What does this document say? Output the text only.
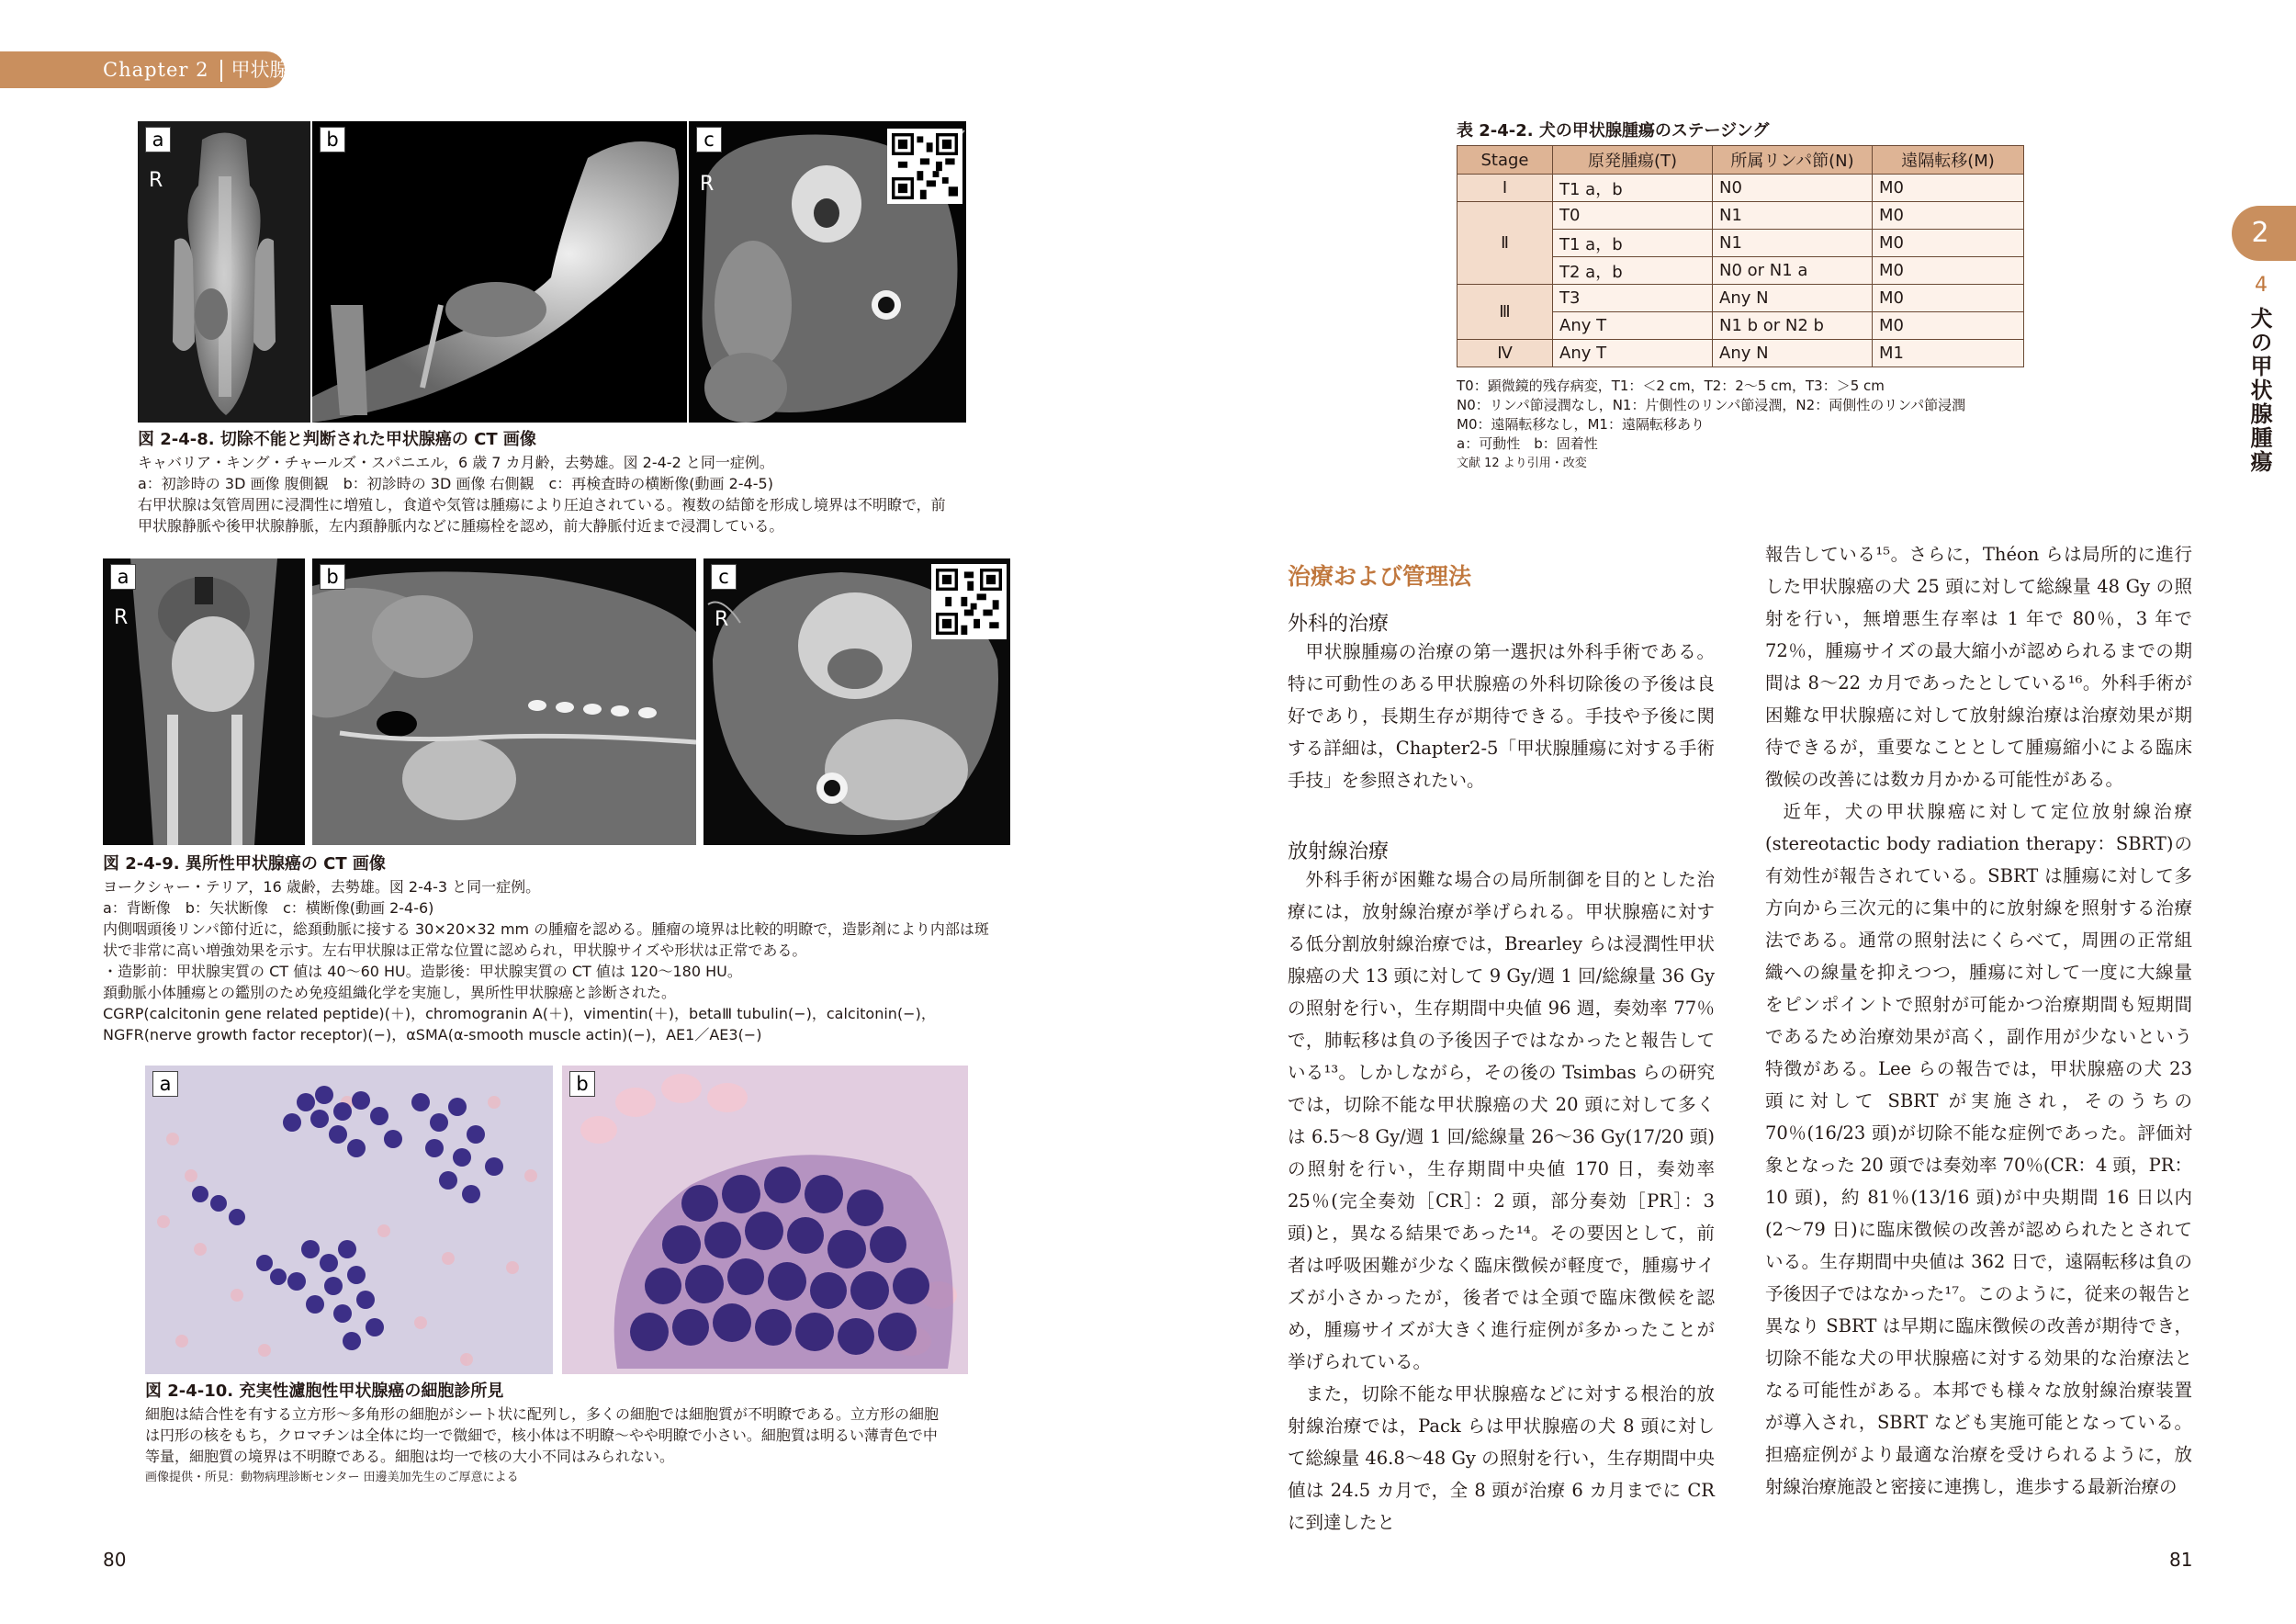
Chapter 2 甲状腺
a
R
b	c
R
図 2-4-8. 切除不能と判断された甲状腺癌の CT 画像
キャバリア・キング・チャールズ・スパニエル，6 歳 7 カ月齢，去勢雄。図 2-4-2 と同一症例。
a：初診時の 3D 画像 腹側観　b：初診時の 3D 画像 右側観　c：再検査時の横断像(動画 2-4-5)
右甲状腺は気管周囲に浸潤性に増殖し，食道や気管は腫瘍により圧迫されている。複数の結節を形成し境界は不明瞭で，前
甲状腺静脈や後甲状腺静脈，左内頚静脈内などに腫瘍栓を認め，前大静脈付近まで浸潤している。
a
R
b	c
R
図 2-4-9. 異所性甲状腺癌の CT 画像
ヨークシャー・テリア，16 歳齢，去勢雄。図 2-4-3 と同一症例。
a：背断像　b：矢状断像　c：横断像(動画 2-4-6)
内側咽頭後リンパ節付近に，総頚動脈に接する 30×20×32 mm の腫瘤を認める。腫瘤の境界は比較的明瞭で，造影剤により内部は斑
状で非常に高い増強効果を示す。左右甲状腺は正常な位置に認められ，甲状腺サイズや形状は正常である。
・造影前：甲状腺実質の CT 値は 40〜60 HU。造影後：甲状腺実質の CT 値は 120〜180 HU。
頚動脈小体腫瘍との鑑別のため免疫組織化学を実施し，異所性甲状腺癌と診断された。
CGRP(calcitonin gene related peptide)(＋)，chromogranin A(＋)，vimentin(＋)，betaⅢ tubulin(−)，calcitonin(−)，
NGFR(nerve growth factor receptor)(−)，αSMA(α-smooth muscle actin)(−)，AE1／AE3(−)
a	b
図 2-4-10. 充実性濾胞性甲状腺癌の細胞診所見
細胞は結合性を有する立方形〜多角形の細胞がシート状に配列し，多くの細胞では細胞質が不明瞭である。立方形の細胞
は円形の核をもち，クロマチンは全体に均一で微細で，核小体は不明瞭〜やや明瞭で小さい。細胞質は明るい薄青色で中
等量，細胞質の境界は不明瞭である。細胞は均一で核の大小不同はみられない。
画像提供・所見：動物病理診断センター 田邊美加先生のご厚意による
80
表 2-4-2. 犬の甲状腺腫瘍のステージング
Stage	原発腫瘍(T)	所属リンパ節(N)	遠隔転移(M)
Ⅰ	T1 a，b	N0	M0
Ⅱ	T0	N1	M0
	T1 a，b	N1	M0
	T2 a，b	N0 or N1 a	M0
Ⅲ	T3	Any N	M0
	Any T	N1 b or N2 b	M0
Ⅳ	Any T	Any N	M1
T0：顕微鏡的残存病変，T1：＜2 cm，T2：2〜5 cm，T3：＞5 cm
N0：リンパ節浸潤なし，N1：片側性のリンパ節浸潤，N2：両側性のリンパ節浸潤
M0：遠隔転移なし，M1：遠隔転移あり
a：可動性　b：固着性
文献 12 より引用・改変
治療および管理法
外科的治療

甲状腺腫瘍の治療の第一選択は外科手術である。特に可動性のある甲状腺癌の外科切除後の予後は良好であり，長期生存が期待できる。手技や予後に関する詳細は，Chapter2-5「甲状腺腫瘍に対する手術手技」を参照されたい。

放射線治療

外科手術が困難な場合の局所制御を目的とした治療には，放射線治療が挙げられる。甲状腺癌に対する低分割放射線治療では，Brearley らは浸潤性甲状腺癌の犬 13 頭に対して 9 Gy/週 1 回/総線量 36 Gy の照射を行い，生存期間中央値 96 週，奏効率 77％で，肺転移は負の予後因子ではなかったと報告している¹³。しかしながら，その後の Tsimbas らの研究では，切除不能な甲状腺癌の犬 20 頭に対して多くは 6.5〜8 Gy/週 1 回/総線量 26〜36 Gy(17/20 頭)の照射を行い，生存期間中央値 170 日，奏効率 25％(完全奏効［CR］：2 頭，部分奏効［PR］：3 頭)と，異なる結果であった¹⁴。その要因として，前者は呼吸困難が少なく臨床徴候が軽度で，腫瘍サイズが小さかったが，後者では全頭で臨床徴候を認め，腫瘍サイズが大きく進行症例が多かったことが挙げられている。

また，切除不能な甲状腺癌などに対する根治的放射線治療では，Pack らは甲状腺癌の犬 8 頭に対して総線量 46.8〜48 Gy の照射を行い，生存期間中央値は 24.5 カ月で，全 8 頭が治療 6 カ月までに CR に到達したと

報告している¹⁵。さらに，Théon らは局所的に進行した甲状腺癌の犬 25 頭に対して総線量 48 Gy の照射を行い，無増悪生存率は 1 年で 80％，3 年で 72％，腫瘍サイズの最大縮小が認められるまでの期間は 8〜22 カ月であったとしている¹⁶。外科手術が困難な甲状腺癌に対して放射線治療は治療効果が期待できるが，重要なこととして腫瘍縮小による臨床徴候の改善には数カ月かかる可能性がある。

近年，犬の甲状腺癌に対して定位放射線治療(stereotactic body radiation therapy：SBRT)の有効性が報告されている。SBRT は腫瘍に対して多方向から三次元的に集中的に放射線を照射する治療法である。通常の照射法にくらべて，周囲の正常組織への線量を抑えつつ，腫瘍に対して一度に大線量をピンポイントで照射が可能かつ治療期間も短期間であるため治療効果が高く，副作用が少ないという特徴がある。Lee らの報告では，甲状腺癌の犬 23 頭に対して SBRT が実施され，そのうちの 70％(16/23 頭)が切除不能な症例であった。評価対象となった 20 頭では奏効率 70％(CR：4 頭，PR：10 頭)，約 81％(13/16 頭)が中央期間 16 日以内(2〜79 日)に臨床徴候の改善が認められたとされている。生存期間中央値は 362 日で，遠隔転移は負の予後因子ではなかった¹⁷。このように，従来の報告と異なり SBRT は早期に臨床徴候の改善が期待でき，切除不能な犬の甲状腺癌に対する効果的な治療法となる可能性がある。本邦でも様々な放射線治療装置が導入され，SBRT なども実施可能となっている。担癌症例がより最適な治療を受けられるように，放射線治療施設と密接に連携し，進歩する最新治療の

2
4
犬の甲状腺腫瘍
81
